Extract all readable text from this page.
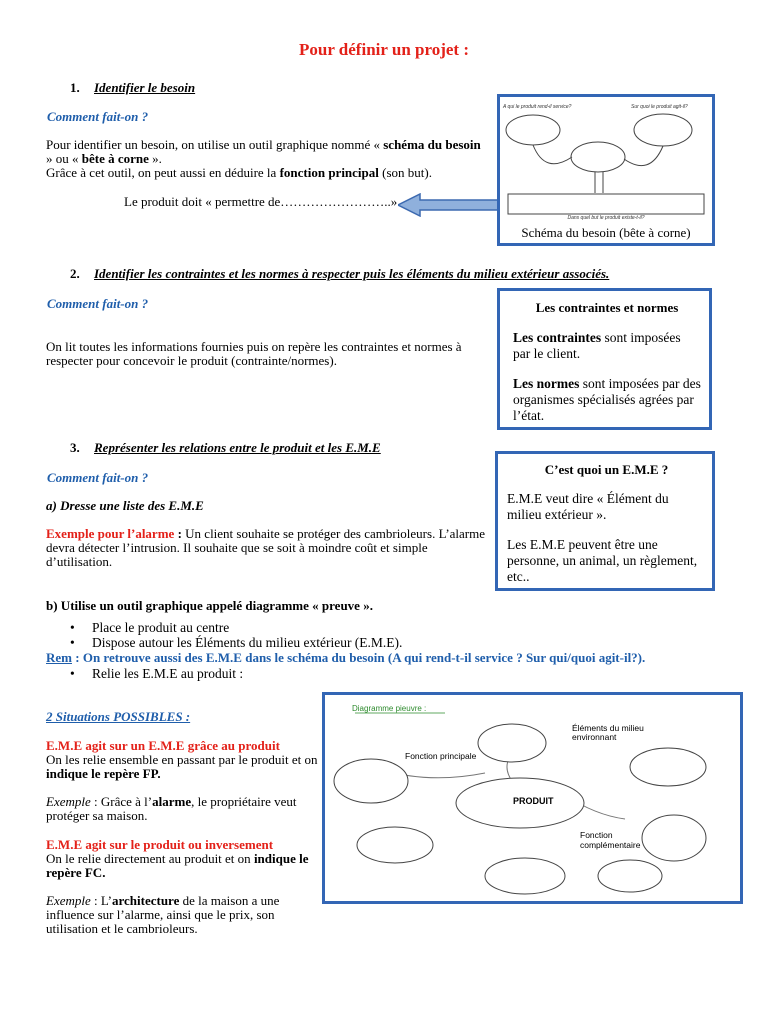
Pour définir un projet :
1. Identifier le besoin
Comment fait-on ?
Pour identifier un besoin, on utilise un outil graphique nommé « schéma du besoin » ou « bête à corne ».
Grâce à cet outil, on peut aussi en déduire la fonction principal (son but).
Le produit doit « permettre de……………………..»
A qui le produit rend-il service?	Sur quoi le produit agit-il?
Dans quel but le produit existe-t-il?
Schéma du besoin (bête à corne)
2. Identifier les contraintes et les normes à respecter puis les éléments du milieu extérieur associés.
Comment fait-on ?
On lit toutes les informations fournies puis on repère les contraintes et normes à respecter pour concevoir le produit (contrainte/normes).
Les contraintes et normes
Les contraintes sont imposées par le client.
Les normes sont imposées par des organismes spécialisés agrées par l’état.
3. Représenter les relations entre le produit et les E.M.E
Comment fait-on ?
a) Dresse une liste des E.M.E
Exemple pour l’alarme : Un client souhaite se protéger des cambrioleurs. L’alarme devra détecter l’intrusion. Il souhaite que se soit à moindre coût et simple d’utilisation.
C’est quoi un E.M.E ?
E.M.E veut dire « Élément du milieu extérieur ».
Les E.M.E peuvent être une personne, un animal, un règlement, etc..
b) Utilise un outil graphique appelé diagramme « preuve ».
• Place le produit au centre
• Dispose autour les Éléments du milieu extérieur (E.M.E).
Rem : On retrouve aussi des E.M.E dans le schéma du besoin (A qui rend-t-il service ? Sur qui/quoi agit-il?).
• Relie les E.M.E au produit :
2 Situations POSSIBLES :
E.M.E agit sur un E.M.E grâce au produit
On les relie ensemble en passant par le produit et on indique le repère FP.
Exemple : Grâce à l’alarme, le propriétaire veut protéger sa maison.
E.M.E agit sur le produit ou inversement
On le relie directement au produit et on indique le repère FC.
Exemple : L’architecture de la maison a une influence sur l’alarme, ainsi que le prix, son utilisation et le cambrioleurs.
Diagramme pieuvre :
Éléments du milieu environnant
Fonction principale
PRODUIT
Fonction complémentaire
